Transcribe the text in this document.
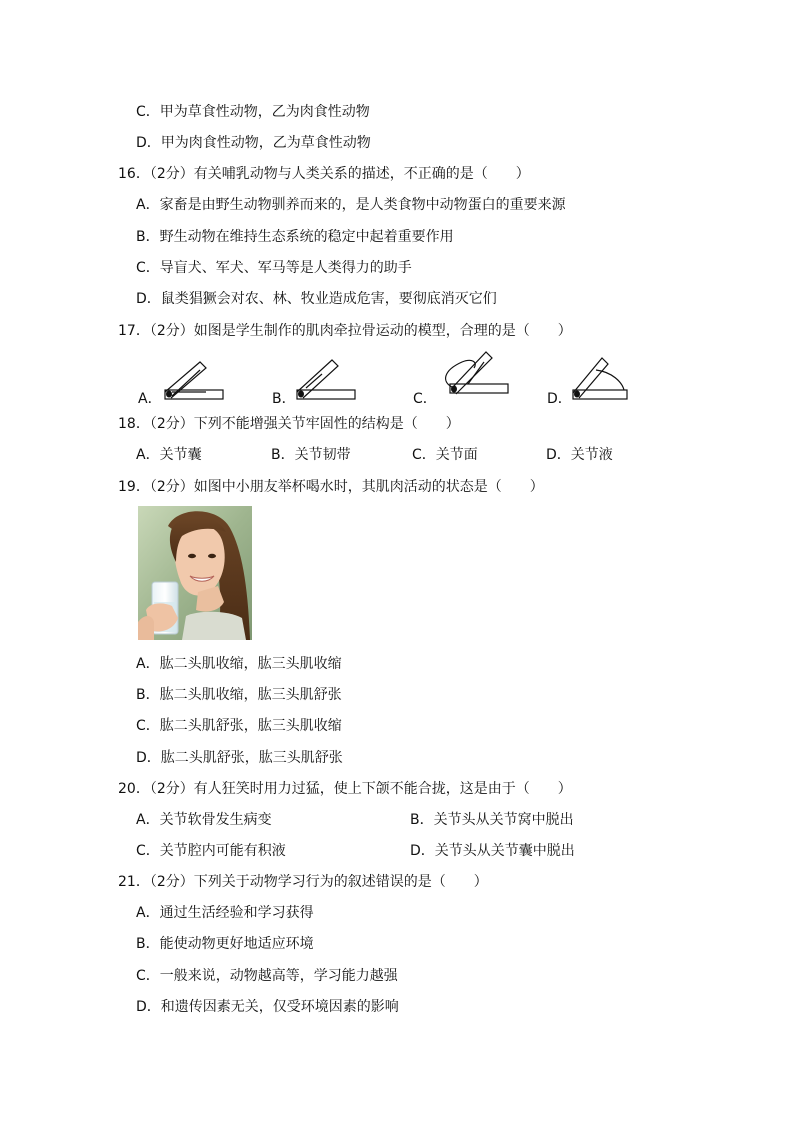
C．甲为草食性动物，乙为肉食性动物
D．甲为肉食性动物，乙为草食性动物
16．（2分）有关哺乳动物与人类关系的描述，不正确的是（　　）
A．家畜是由野生动物驯养而来的，是人类食物中动物蛋白的重要来源
B．野生动物在维持生态系统的稳定中起着重要作用
C．导盲犬、军犬、军马等是人类得力的助手
D．鼠类猖獗会对农、林、牧业造成危害，要彻底消灭它们
17．（2分）如图是学生制作的肌肉牵拉骨运动的模型，合理的是（　　）
A．	B．	C．	D．
18．（2分）下列不能增强关节牢固性的结构是（　　）
A．关节囊	B．关节韧带	C．关节面	D．关节液
19．（2分）如图中小朋友举杯喝水时，其肌肉活动的状态是（　　）
A．肱二头肌收缩，肱三头肌收缩
B．肱二头肌收缩，肱三头肌舒张
C．肱二头肌舒张，肱三头肌收缩
D．肱二头肌舒张，肱三头肌舒张
20．（2分）有人狂笑时用力过猛，使上下颌不能合拢，这是由于（　　）
A．关节软骨发生病变	B．关节头从关节窝中脱出
C．关节腔内可能有积液	D．关节头从关节囊中脱出
21．（2分）下列关于动物学习行为的叙述错误的是（　　）
A．通过生活经验和学习获得
B．能使动物更好地适应环境
C．一般来说，动物越高等，学习能力越强
D．和遗传因素无关，仅受环境因素的影响
